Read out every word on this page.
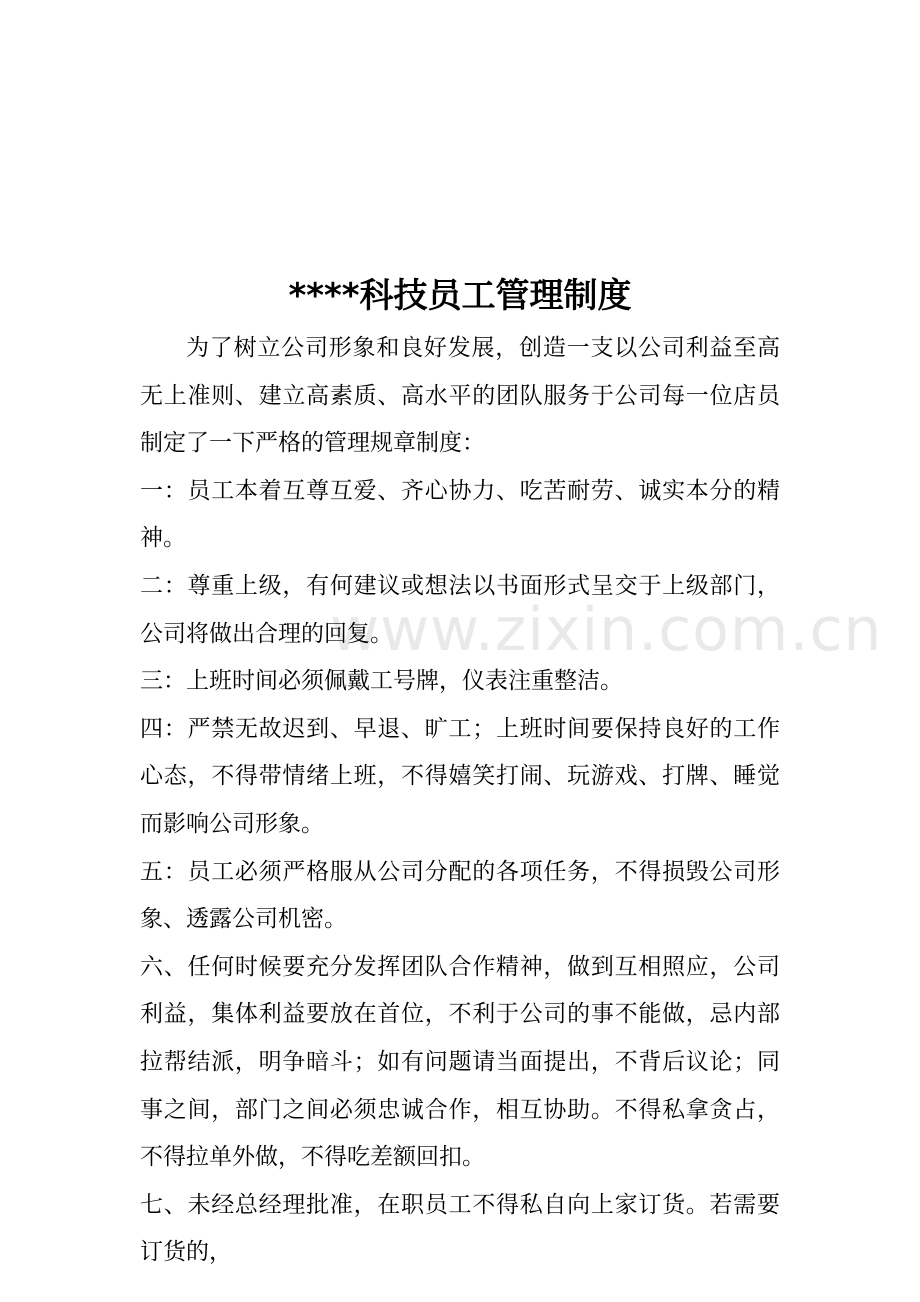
www.zixin.com.cn
****科技员工管理制度

为了树立公司形象和良好发展，创造一支以公司利益至高无上准则、建立高素质、高水平的团队服务于公司每一位店员制定了一下严格的管理规章制度：

一：员工本着互尊互爱、齐心协力、吃苦耐劳、诚实本分的精神。

二：尊重上级，有何建议或想法以书面形式呈交于上级部门，公司将做出合理的回复。

三：上班时间必须佩戴工号牌，仪表注重整洁。

四：严禁无故迟到、早退、旷工；上班时间要保持良好的工作心态，不得带情绪上班，不得嬉笑打闹、玩游戏、打牌、睡觉而影响公司形象。

五：员工必须严格服从公司分配的各项任务，不得损毁公司形象、透露公司机密。

六、任何时候要充分发挥团队合作精神，做到互相照应，公司利益，集体利益要放在首位，不利于公司的事不能做，忌内部拉帮结派，明争暗斗；如有问题请当面提出，不背后议论；同事之间，部门之间必须忠诚合作，相互协助。不得私拿贪占，不得拉单外做，不得吃差额回扣。

七、未经总经理批准，在职员工不得私自向上家订货。若需要订货的，
